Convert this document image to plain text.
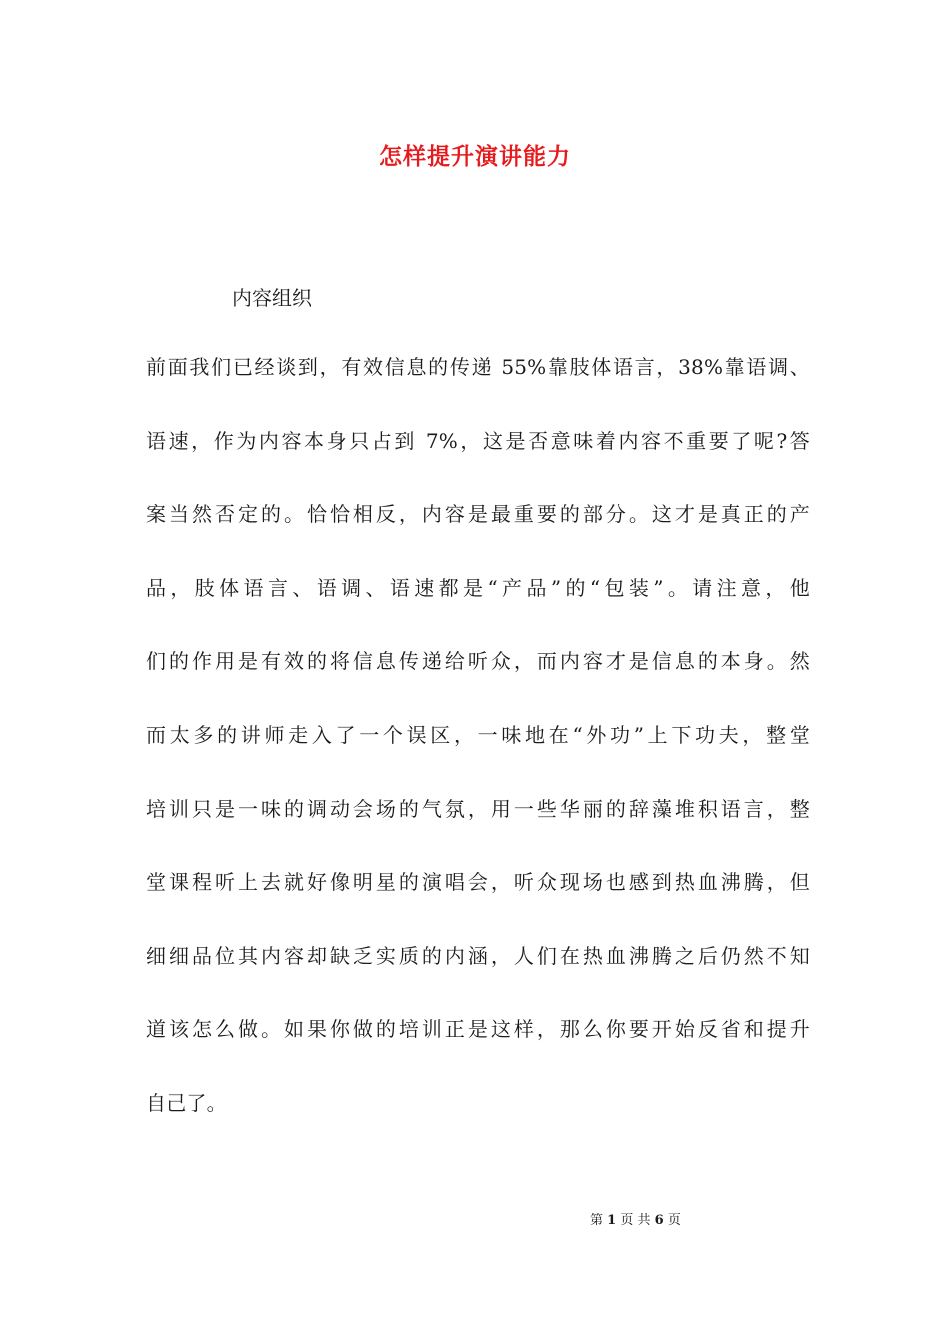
怎样提升演讲能力
内容组织
前面我们已经谈到，有效信息的传递 55%靠肢体语言，38%靠语调、
语速，作为内容本身只占到 7%，这是否意味着内容不重要了呢?答
案当然否定的。恰恰相反，内容是最重要的部分。这才是真正的产
品，肢体语言、语调、语速都是“产品”的“包装”。请注意，他
们的作用是有效的将信息传递给听众，而内容才是信息的本身。然
而太多的讲师走入了一个误区，一味地在“外功”上下功夫，整堂
培训只是一味的调动会场的气氛，用一些华丽的辞藻堆积语言，整
堂课程听上去就好像明星的演唱会，听众现场也感到热血沸腾，但
细细品位其内容却缺乏实质的内涵，人们在热血沸腾之后仍然不知
道该怎么做。如果你做的培训正是这样，那么你要开始反省和提升
自己了。
第 1 页 共 6 页
